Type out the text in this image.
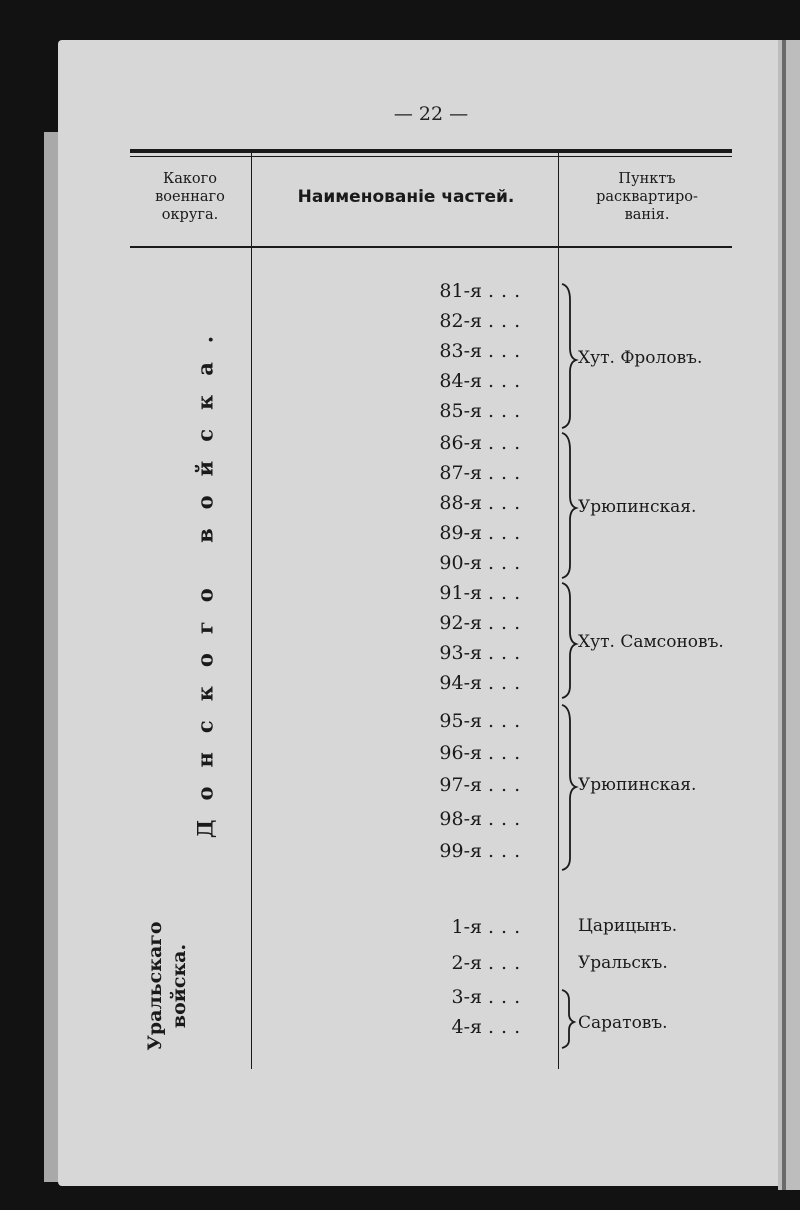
— 22 —
Какого
военнаго
округа.
Наименованіе частей.
Пунктъ
расквартиро-
ванія.
Донского войска.
Уральскаго войска.
81-я ...
82-я ...
83-я ...
84-я ...
85-я ...
86-я ...
87-я ...
88-я ...
89-я ...
90-я ...
91-я ...
92-я ...
93-я ...
94-я ...
95-я ...
96-я ...
97-я ...
98-я ...
99-я ...
1-я ...
2-я ...
3-я ...
4-я ...
Хут. Фроловъ.
Урюпинская.
Хут. Самсоновъ.
Урюпинская.
Царицынъ.
Уральскъ.
Саратовъ.
